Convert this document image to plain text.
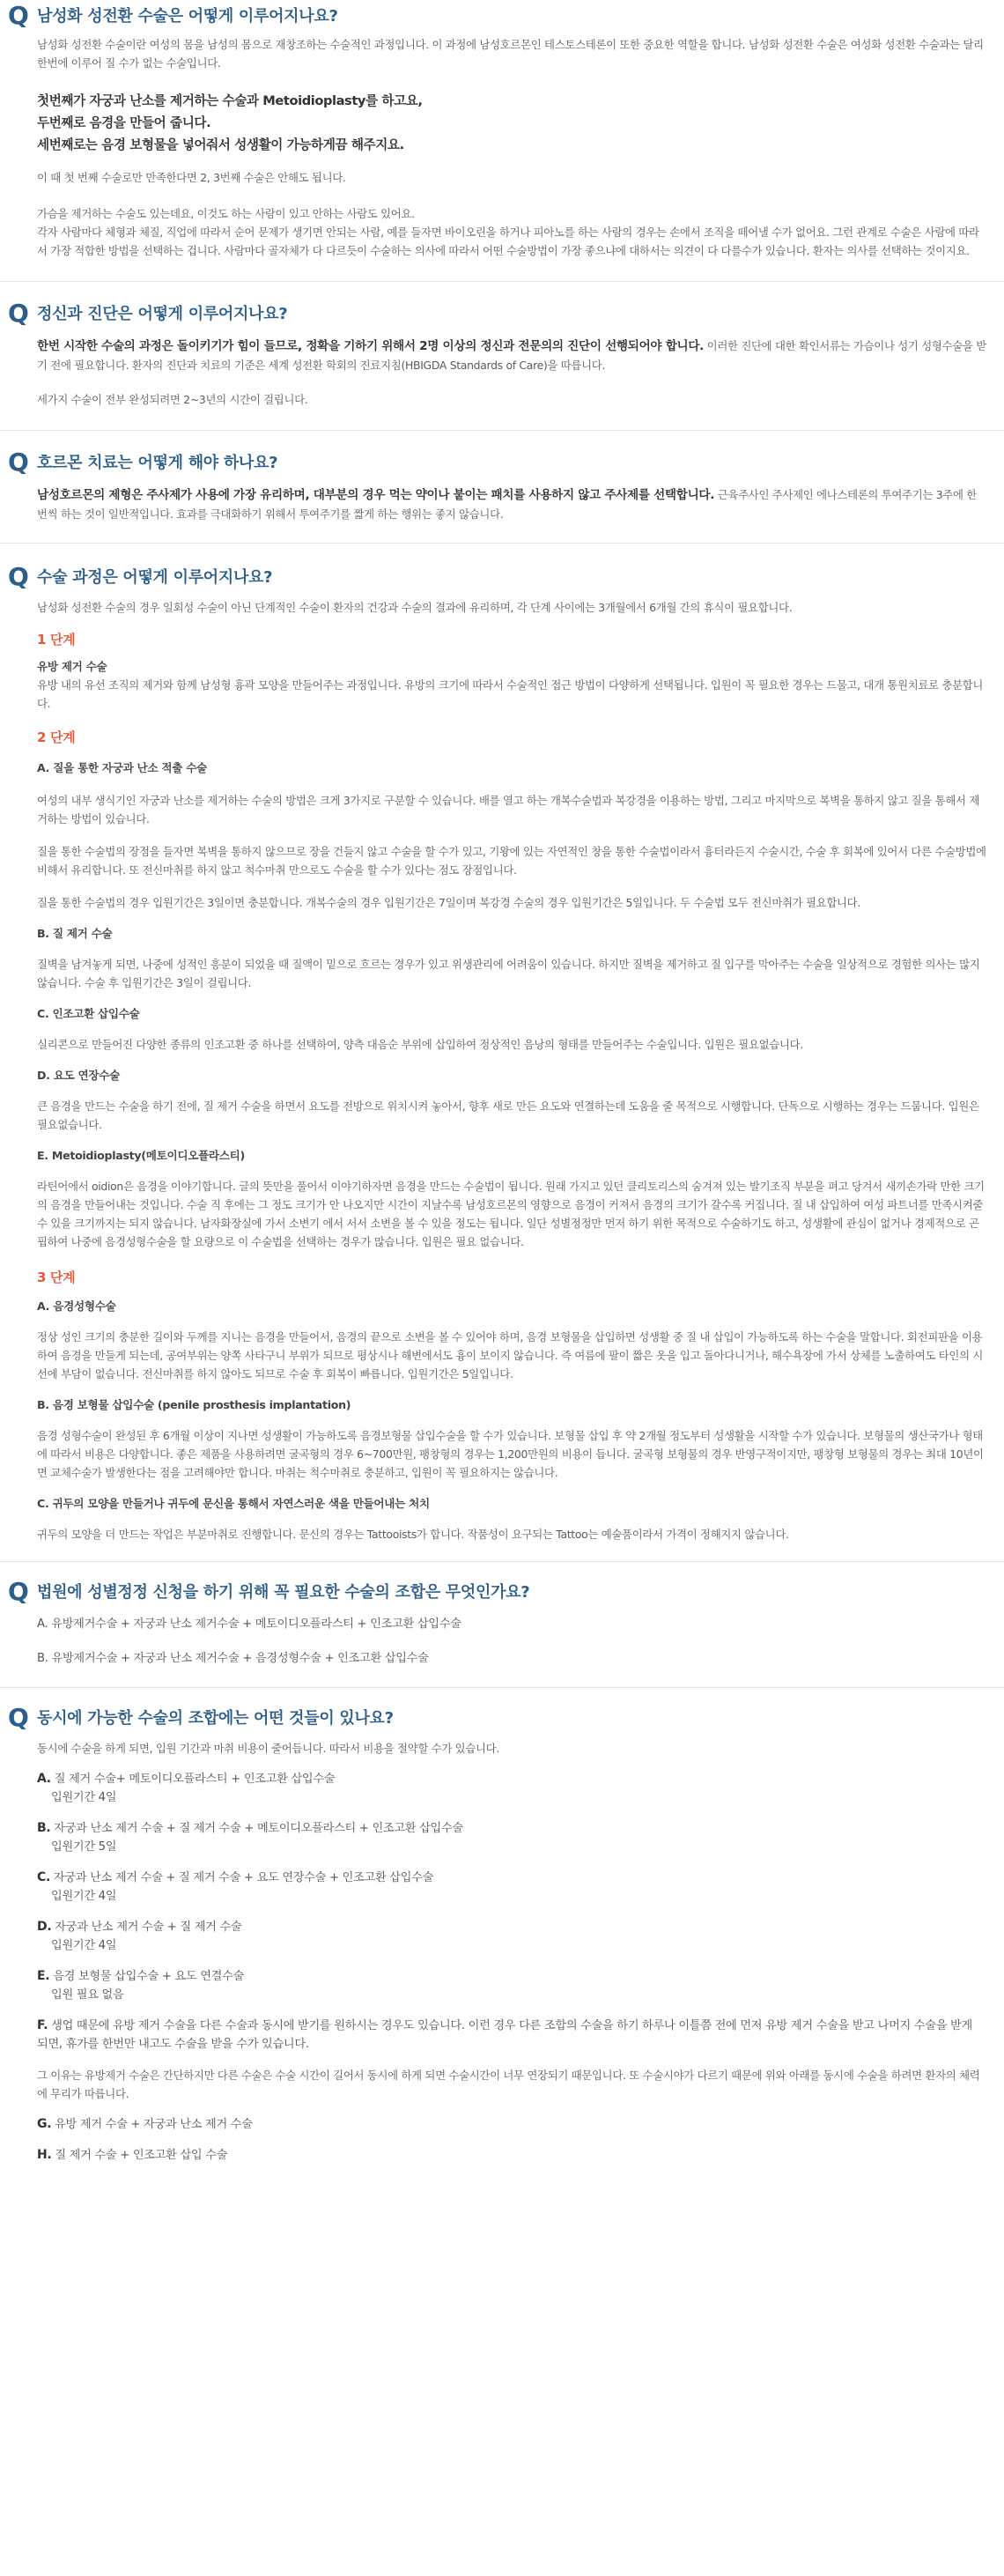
Q 남성화 성전환 수술은 어떻게 이루어지나요?

남성화 성전환 수술이란 여성의 몸을 남성의 몸으로 재창조하는 수술적인 과정입니다. 이 과정에 남성호르몬인 테스토스테론이 또한 중요한 역할을 합니다. 남성화 성전환 수술은 여성화 성전환 수술과는 달리 한번에 이루어 질 수가 없는 수술입니다.

첫번째가 자궁과 난소를 제거하는 수술과 Metoidioplasty를 하고요,

두번째로 음경을 만들어 줍니다.

세번째로는 음경 보형물을 넣어줘서 성생활이 가능하게끔 해주지요.

이 때 첫 번째 수술로만 만족한다면 2, 3번째 수술은 안해도 됩니다.

가슴을 제거하는 수술도 있는데요, 이것도 하는 사람이 있고 안하는 사람도 있어요.

각자 사람마다 체형과 체질, 직업에 따라서 순어 문제가 생기면 안되는 사람, 예를 들자면 바이오린을 하거나 피아노를 하는 사람의 경우는 손에서 조직을 떼어낼 수가 없어요. 그런 관계로 수술은 사람에 따라서 가장 적합한 방법을 선택하는 겁니다. 사람마다 골자체가 다 다르듯이 수술하는 의사에 따라서 어떤 수술방법이 가장 좋으냐에 대하서는 의견이 다 다를수가 있습니다. 환자는 의사를 선택하는 것이지요.

Q 정신과 진단은 어떻게 이루어지나요?

한번 시작한 수술의 과정은 돌이키기가 힘이 들므로, 정확을 기하기 위해서 2명 이상의 정신과 전문의의 진단이 선행되어야 합니다. 이러한 진단에 대한 확인서류는 가슴이나 성기 성형수술을 받기 전에 필요합니다. 환자의 진단과 치료의 기준은 세계 성전환 학회의 진료지침(HBIGDA Standards of Care)을 따릅니다.

세가지 수술이 전부 완성되려면 2~3년의 시간이 걸립니다.

Q 호르몬 치료는 어떻게 해야 하나요?

남성호르몬의 제형은 주사제가 사용에 가장 유리하며, 대부분의 경우 먹는 약이나 붙이는 패치를 사용하지 않고 주사제를 선택합니다. 근육주사인 주사제인 에나스테론의 투여주기는 3주에 한번씩 하는 것이 일반적입니다. 효과를 극대화하기 위해서 투여주기를 짧게 하는 행위는 좋지 않습니다.

Q 수술 과정은 어떻게 이루어지나요?

남성화 성전환 수술의 경우 일회성 수술이 아닌 단계적인 수술이 환자의 건강과 수술의 결과에 유리하며, 각 단계 사이에는 3개월에서 6개월 간의 휴식이 필요합니다.

1 단계

유방 제거 수술

유방 내의 유선 조직의 제거와 함께 남성형 흉곽 모양을 만들어주는 과정입니다. 유방의 크기에 따라서 수술적인 접근 방법이 다양하게 선택됩니다. 입원이 꼭 필요한 경우는 드물고, 대개 통원치료로 충분합니다.

2 단계

A. 질을 통한 자궁과 난소 적출 수술

여성의 내부 생식기인 자궁과 난소를 제거하는 수술의 방법은 크게 3가지로 구분할 수 있습니다. 배를 열고 하는 개복수술법과 복강경을 이용하는 방법, 그리고 마지막으로 복벽을 통하지 않고 질을 통해서 제거하는 방법이 있습니다.

질을 통한 수술법의 장점을 들자면 복벽을 통하지 않으므로 장을 건들지 않고 수술을 할 수가 있고, 기왕에 있는 자연적인 창을 통한 수술법이라서 흉터라든지 수술시간, 수술 후 회복에 있어서 다른 수술방법에 비해서 유리합니다. 또 전신마취를 하지 않고 척수마취 만으로도 수술을 할 수가 있다는 점도 장점입니다.

질을 통한 수술법의 경우 입원기간은 3일이면 충분합니다. 개복수술의 경우 입원기간은 7일이며 복강경 수술의 경우 입원기간은 5일입니다. 두 수술법 모두 전신마취가 필요합니다.

B. 질 제거 수술

질벽을 남겨놓게 되면, 나중에 성적인 흥분이 되었을 때 질액이 밑으로 흐르는 경우가 있고 위생관리에 어려움이 있습니다. 하지만 질벽을 제거하고 질 입구를 막아주는 수술을 일상적으로 경험한 의사는 많지 않습니다. 수술 후 입원기간은 3일이 걸립니다.

C. 인조고환 삽입수술

실리콘으로 만들어진 다양한 종류의 인조고환 중 하나를 선택하여, 양측 대음순 부위에 삽입하여 정상적인 음낭의 형태를 만들어주는 수술입니다. 입원은 필요없습니다.

D. 요도 연장수술

큰 음경을 만드는 수술을 하기 전에, 질 제거 수술을 하면서 요도를 전방으로 위치시켜 놓아서, 향후 새로 만든 요도와 연결하는데 도움을 줄 목적으로 시행합니다. 단독으로 시행하는 경우는 드뭅니다. 입원은 필요없습니다.

E. Metoidioplasty(메토이디오플라스티)

라틴어에서 oidion은 음경을 이야기합니다. 글의 뜻만을 풀어서 이야기하자면 음경을 만드는 수술법이 됩니다. 원래 가지고 있던 클리토리스의 숨겨져 있는 발기조직 부분을 펴고 당겨서 새끼손가락 만한 크기의 음경을 만들어내는 것입니다. 수술 직 후에는 그 정도 크기가 안 나오지만 시간이 지날수록 남성호르몬의 영향으로 음경이 커져서 음경의 크기가 갈수록 커집니다. 질 내 삽입하여 여성 파트너를 만족시켜줄 수 있을 크기까지는 되지 않습니다. 남자화장실에 가서 소변기 에서 서서 소변을 볼 수 있을 정도는 됩니다. 일단 성별정정만 먼저 하기 위한 목적으로 수술하기도 하고, 성생활에 관심이 없거나 경제적으로 곤핍하여 나중에 음경성형수술을 할 요량으로 이 수술법을 선택하는 경우가 많습니다. 입원은 필요 없습니다.

3 단계

A. 음경성형수술

정상 성인 크기의 충분한 길이와 두께를 지니는 음경을 만들어서, 음경의 끝으로 소변을 볼 수 있어야 하며, 음경 보형물을 삽입하면 성생활 중 질 내 삽입이 가능하도록 하는 수술을 말합니다. 회전피판을 이용하여 음경을 만들게 되는데, 공여부위는 양쪽 사타구니 부위가 되므로 평상시나 해변에서도 흉이 보이지 않습니다. 즉 여름에 팔이 짧은 옷을 입고 돌아다니거나, 해수욕장에 가서 상체를 노출하여도 타인의 시선에 부담이 없습니다. 전신마취를 하지 않아도 되므로 수술 후 회복이 빠릅니다. 입원기간은 5일입니다.

B. 음경 보형물 삽입수술 (penile prosthesis implantation)

음경 성형수술이 완성된 후 6개월 이상이 지나면 성생활이 가능하도록 음경보형물 삽입수술을 할 수가 있습니다. 보형물 삽입 후 약 2개월 정도부터 성생활을 시작할 수가 있습니다. 보형물의 생산국가나 형태에 따라서 비용은 다양합니다. 좋은 제품을 사용하려면 굴곡형의 경우 6~700만원, 팽창형의 경우는 1,200만원의 비용이 듭니다. 굴곡형 보형물의 경우 반영구적이지만, 팽창형 보형물의 경우는 최대 10년이면 교체수술가 발생한다는 점을 고려해야만 합니다. 마취는 척수마취로 충분하고, 입원이 꼭 필요하지는 않습니다.

C. 귀두의 모양을 만들거나 귀두에 문신을 통해서 자연스러운 색을 만들어내는 처치

귀두의 모양을 더 만드는 작업은 부분마취로 진행합니다. 문신의 경우는 Tattooists가 합니다. 작품성이 요구되는 Tattoo는 예술품이라서 가격이 정해지지 않습니다.

Q 법원에 성별정정 신청을 하기 위해 꼭 필요한 수술의 조합은 무엇인가요?

A. 유방제거수술 + 자궁과 난소 제거수술 + 메토이디오플라스티 + 인조고환 삽입수술

B. 유방제거수술 + 자궁과 난소 제거수술 + 음경성형수술 + 인조고환 삽입수술

Q 동시에 가능한 수술의 조합에는 어떤 것들이 있나요?

동시에 수술을 하게 되면, 입원 기간과 마취 비용이 줄어듭니다. 따라서 비용을 절약할 수가 있습니다.

A. 질 제거 수술+ 메토이디오플라스티 + 인조고환 삽입수술

입원기간 4일

B. 자궁과 난소 제거 수술 + 질 제거 수술 + 메토이디오플라스티 + 인조고환 삽입수술

입원기간 5일

C. 자궁과 난소 제거 수술 + 질 제거 수술 + 요도 연장수술 + 인조고환 삽입수술

입원기간 4일

D. 자궁과 난소 제거 수술 + 질 제거 수술

입원기간 4일

E. 음경 보형물 삽입수술 + 요도 연결수술

입원 필요 없음

F. 생업 때문에 유방 제거 수술을 다른 수술과 동시에 받기를 원하시는 경우도 있습니다. 이런 경우 다른 조합의 수술을 하기 하루나 이틀쯤 전에 먼저 유방 제거 수술을 받고 나머지 수술을 받게 되면, 휴가를 한번만 내고도 수술을 받을 수가 있습니다.

그 이유는 유방제거 수술은 간단하지만 다른 수술은 수술 시간이 길어서 동시에 하게 되면 수술시간이 너무 연장되기 때문입니다. 또 수술시야가 다르기 때문에 위와 아래를 동시에 수술을 하려면 환자의 체력에 무리가 따릅니다.

G. 유방 제거 수술 + 자궁과 난소 제거 수술

H. 질 제거 수술 + 인조고환 삽입 수술
